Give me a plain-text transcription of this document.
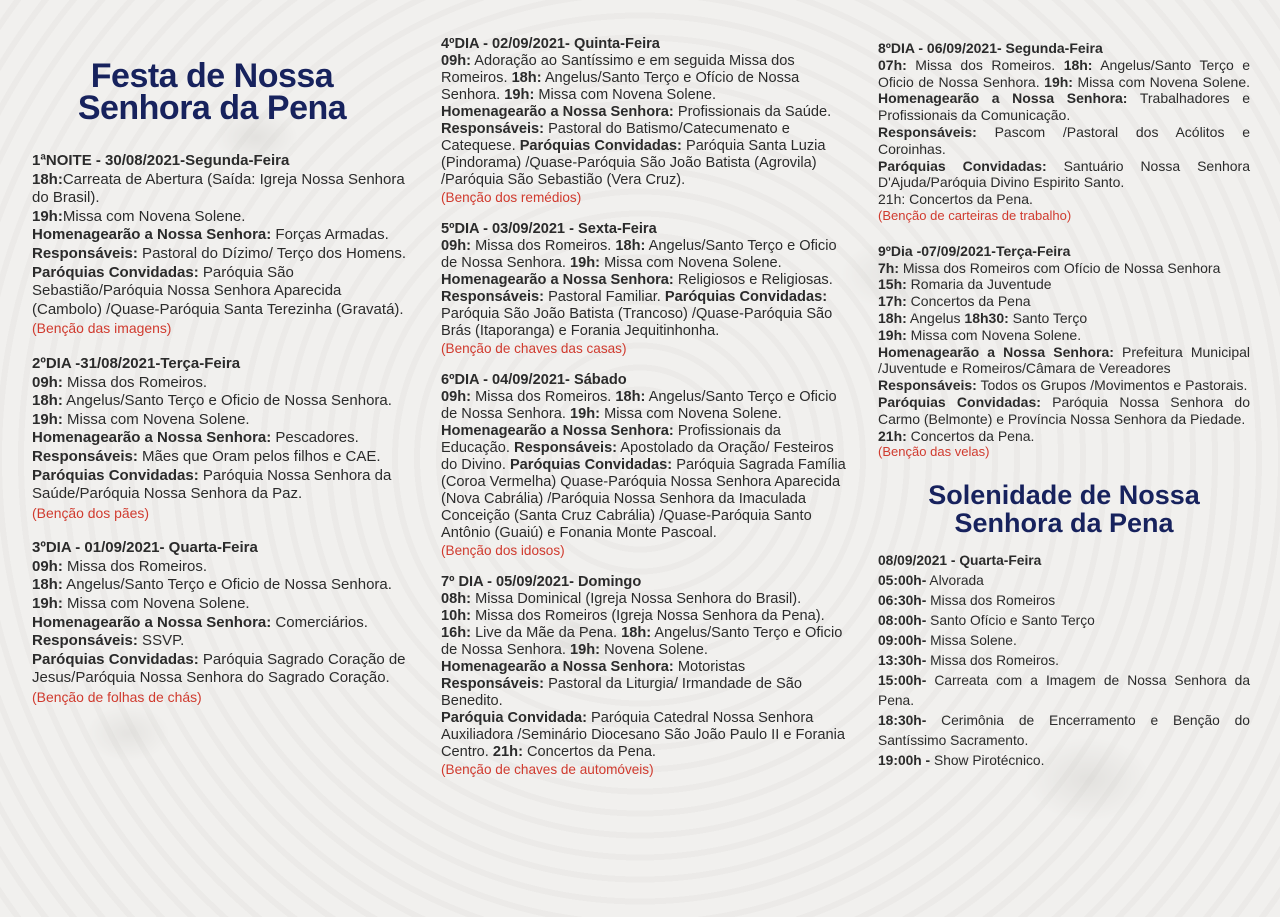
Festa de Nossa
Senhora da Pena
1ªNOITE - 30/08/2021-Segunda-Feira
18h:Carreata de Abertura (Saída: Igreja Nossa Senhora do Brasil).
19h:Missa com Novena Solene.
Homenagearão a Nossa Senhora: Forças Armadas.
Responsáveis: Pastoral do Dízimo/ Terço dos Homens.
Paróquias Convidadas: Paróquia São Sebastião/Paróquia Nossa Senhora Aparecida (Cambolo) /Quase-Paróquia Santa Terezinha (Gravatá).
(Benção das imagens)
2ºDIA -31/08/2021-Terça-Feira
09h: Missa dos Romeiros.
18h: Angelus/Santo Terço e Oficio de Nossa Senhora.
19h: Missa com Novena Solene.
Homenagearão a Nossa Senhora: Pescadores.
Responsáveis: Mães que Oram pelos filhos e CAE.
Paróquias Convidadas: Paróquia Nossa Senhora da Saúde/Paróquia Nossa Senhora da Paz.
(Benção dos pães)
3ºDIA - 01/09/2021- Quarta-Feira
09h: Missa dos Romeiros.
18h: Angelus/Santo Terço e Oficio de Nossa Senhora.
19h: Missa com Novena Solene.
Homenagearão a Nossa Senhora: Comerciários.
Responsáveis: SSVP.
Paróquias Convidadas: Paróquia Sagrado Coração de Jesus/Paróquia Nossa Senhora do Sagrado Coração.
(Benção de folhas de chás)
4ºDIA - 02/09/2021- Quinta-Feira
09h: Adoração ao Santíssimo e em seguida Missa dos Romeiros. 18h: Angelus/Santo Terço e Ofício de Nossa Senhora. 19h: Missa com Novena Solene.
Homenagearão a Nossa Senhora: Profissionais da Saúde.
Responsáveis: Pastoral do Batismo/Catecumenato e Catequese. Paróquias Convidadas: Paróquia Santa Luzia (Pindorama) /Quase-Paróquia São João Batista (Agrovila) /Paróquia São Sebastião (Vera Cruz).
(Benção dos remédios)
5ºDIA - 03/09/2021 - Sexta-Feira
09h: Missa dos Romeiros. 18h: Angelus/Santo Terço e Oficio de Nossa Senhora. 19h: Missa com Novena Solene. Homenagearão a Nossa Senhora: Religiosos e Religiosas. Responsáveis: Pastoral Familiar. Paróquias Convidadas: Paróquia São João Batista (Trancoso) /Quase-Paróquia São Brás (Itaporanga) e Forania Jequitinhonha.
(Benção de chaves das casas)
6ºDIA - 04/09/2021- Sábado
09h: Missa dos Romeiros. 18h: Angelus/Santo Terço e Oficio de Nossa Senhora. 19h: Missa com Novena Solene.
Homenagearão a Nossa Senhora: Profissionais da Educação. Responsáveis: Apostolado da Oração/ Festeiros do Divino. Paróquias Convidadas: Paróquia Sagrada Família (Coroa Vermelha) Quase-Paróquia Nossa Senhora Aparecida (Nova Cabrália) /Paróquia Nossa Senhora da Imaculada Conceição (Santa Cruz Cabrália) /Quase-Paróquia Santo Antônio (Guaiú) e Fonania Monte Pascoal.
(Benção dos idosos)
7º DIA - 05/09/2021- Domingo
08h: Missa Dominical (Igreja Nossa Senhora do Brasil).
10h: Missa dos Romeiros (Igreja Nossa Senhora da Pena).
16h: Live da Mãe da Pena. 18h: Angelus/Santo Terço e Oficio de Nossa Senhora. 19h: Novena Solene.
Homenagearão a Nossa Senhora: Motoristas
Responsáveis: Pastoral da Liturgia/ Irmandade de São Benedito.
Paróquia Convidada: Paróquia Catedral Nossa Senhora Auxiliadora /Seminário Diocesano São João Paulo II e Forania Centro. 21h: Concertos da Pena.
(Benção de chaves de automóveis)
8ºDIA - 06/09/2021- Segunda-Feira
07h: Missa dos Romeiros. 18h: Angelus/Santo Terço e Oficio de Nossa Senhora. 19h: Missa com Novena Solene. Homenagearão a Nossa Senhora: Trabalhadores e Profissionais da Comunicação.
Responsáveis: Pascom /Pastoral dos Acólitos e Coroinhas.
Paróquias Convidadas: Santuário Nossa Senhora D'Ajuda/Paróquia Divino Espirito Santo.
21h: Concertos da Pena.
(Benção de carteiras de trabalho)
9ºDia -07/09/2021-Terça-Feira
7h: Missa dos Romeiros com Ofício de Nossa Senhora
15h: Romaria da Juventude
17h: Concertos da Pena
18h: Angelus 18h30: Santo Terço
19h: Missa com Novena Solene.
Homenagearão a Nossa Senhora: Prefeitura Municipal /Juventude e Romeiros/Câmara de Vereadores
Responsáveis: Todos os Grupos /Movimentos e Pastorais.
Paróquias Convidadas: Paróquia Nossa Senhora do Carmo (Belmonte) e Província Nossa Senhora da Piedade.
21h: Concertos da Pena.
(Benção das velas)
Solenidade de Nossa
Senhora da Pena
08/09/2021 - Quarta-Feira
05:00h- Alvorada
06:30h- Missa dos Romeiros
08:00h- Santo Ofício e Santo Terço
09:00h- Missa Solene.
13:30h- Missa dos Romeiros.
15:00h- Carreata com a Imagem de Nossa Senhora da Pena.
18:30h- Cerimônia de Encerramento e Benção do Santíssimo Sacramento.
19:00h - Show Pirotécnico.
